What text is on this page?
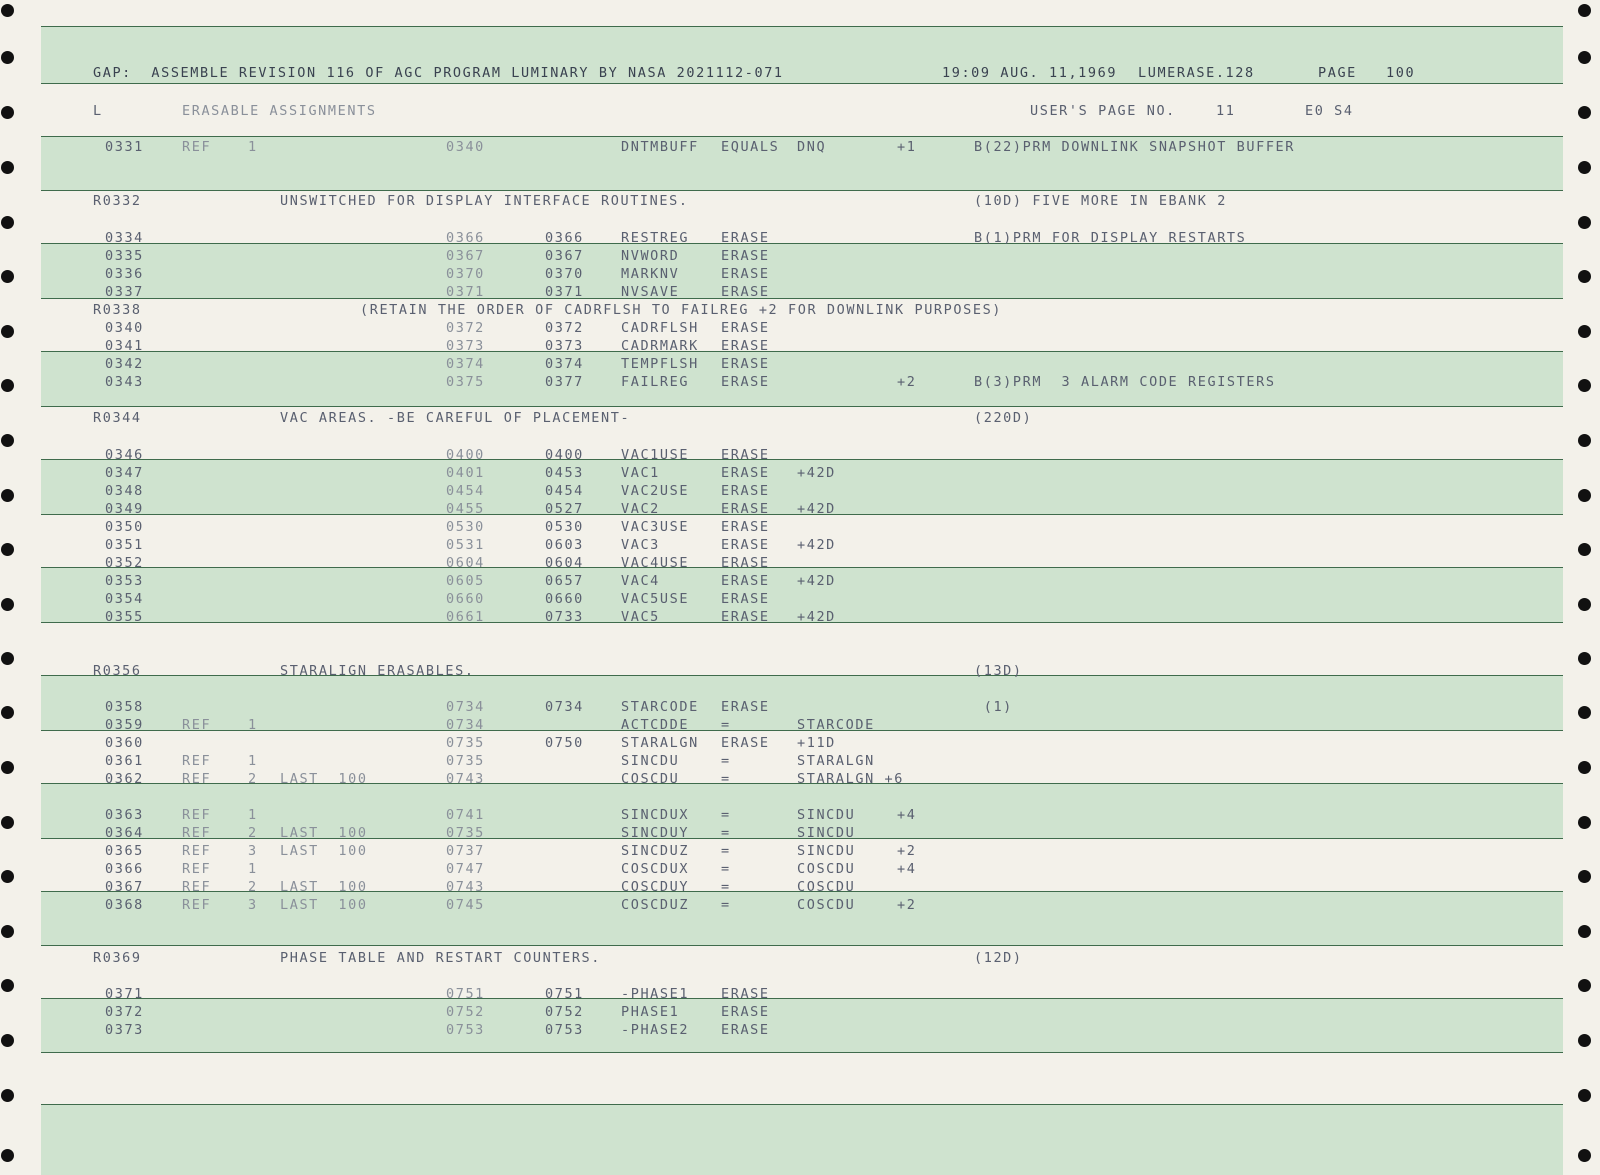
GAP:  ASSEMBLE REVISION 116 OF AGC PROGRAM LUMINARY BY NASA 2021112-071	19:09 AUG. 11,1969 LUMERASE.128	PAGE 100
L	ERASABLE ASSIGNMENTS	USER'S PAGE NO.	11	E0 S4
0331	REF	1	0340	DNTMBUFF EQUALS DNQ	+1	B(22)PRM DOWNLINK SNAPSHOT BUFFER
R0332	UNSWITCHED FOR DISPLAY INTERFACE ROUTINES.	(10D) FIVE MORE IN EBANK 2
0334	0366	0366	RESTREG ERASE	B(1)PRM FOR DISPLAY RESTARTS
0335	0367	0367	NVWORD	ERASE
0336	0370	0370	MARKNV	ERASE
0337	0371	0371	NVSAVE	ERASE
R0338	(RETAIN THE ORDER OF CADRFLSH TO FAILREG +2 FOR DOWNLINK PURPOSES)
0340	0372	0372	CADRFLSH ERASE
0341	0373	0373	CADRMARK ERASE
0342	0374	0374	TEMPFLSH ERASE
0343	0375	0377	FAILREG ERASE	+2	B(3)PRM  3 ALARM CODE REGISTERS
R0344	VAC AREAS. -BE CAREFUL OF PLACEMENT-	(220D)
0346	0400	0400	VAC1USE ERASE
0347	0401	0453	VAC1	ERASE +42D
0348	0454	0454	VAC2USE ERASE
0349	0455	0527	VAC2	ERASE +42D
0350	0530	0530	VAC3USE ERASE
0351	0531	0603	VAC3	ERASE +42D
0352	0604	0604	VAC4USE ERASE
0353	0605	0657	VAC4	ERASE +42D
0354	0660	0660	VAC5USE ERASE
0355	0661	0733	VAC5	ERASE +42D
R0356	STARALIGN ERASABLES.	(13D)
0358	0734	0734	STARCODE ERASE	(1)
0359	REF	1	0734	ACTCDDE =	STARCODE
0360	0735	0750	STARALGN ERASE +11D
0361	REF	1	0735	SINCDU	=	STARALGN
0362	REF	2 LAST  100	0743	COSCDU	=	STARALGN +6
0363	REF	1	0741	SINCDUX =	SINCDU	+4
0364	REF	2 LAST  100	0735	SINCDUY =	SINCDU
0365	REF	3 LAST  100	0737	SINCDUZ =	SINCDU	+2
0366	REF	1	0747	COSCDUX =	COSCDU	+4
0367	REF	2 LAST  100	0743	COSCDUY =	COSCDU
0368	REF	3 LAST  100	0745	COSCDUZ =	COSCDU	+2
R0369	PHASE TABLE AND RESTART COUNTERS.	(12D)
0371	0751	0751	-PHASE1 ERASE
0372	0752	0752	PHASE1	ERASE
0373	0753	0753	-PHASE2 ERASE
